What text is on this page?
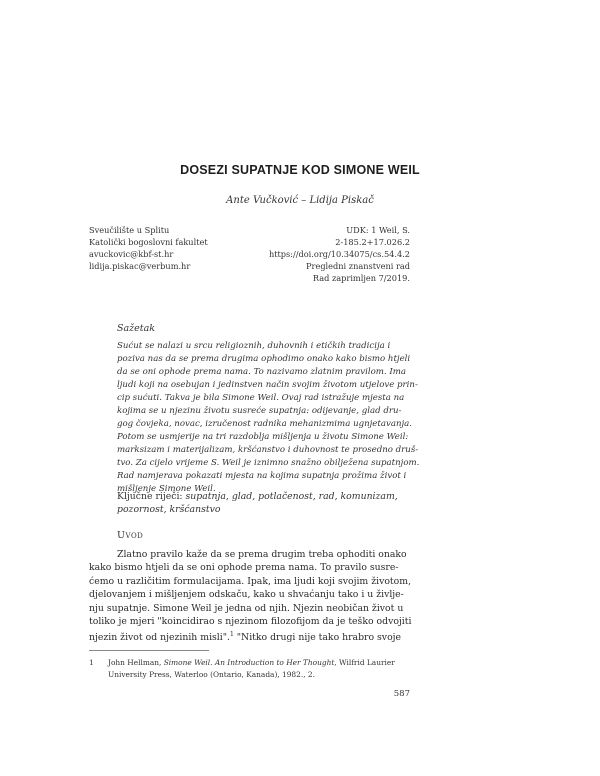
DOSEZI SUPATNJE KOD SIMONE WEIL
Ante Vučković – Lidija Piskač
Sveučilište u Splitu
Katolički bogoslovni fakultet
avuckovic@kbf-st.hr
lidija.piskac@verbum.hr
UDK: 1 Weil, S.
2-185.2+17.026.2
https://doi.org/10.34075/cs.54.4.2
Pregledni znanstveni rad
Rad zaprimljen 7/2019.
Sažetak
Sućut se nalazi u srcu religioznih, duhovnih i etičkih tradicija i
poziva nas da se prema drugima ophodimo onako kako bismo htjeli
da se oni ophode prema nama. To nazivamo zlatnim pravilom. Ima
ljudi koji na osebujan i jedinstven način svojim životom utjelove prin-
cip sućuti. Takva je bila Simone Weil. Ovaj rad istražuje mjesta na
kojima se u njezinu životu susreće supatnja: odijevanje, glad dru-
gog čovjeka, novac, izručenost radnika mehanizmima ugnjetavanja.
Potom se usmjerije na tri razdoblja mišljenja u životu Simone Weil:
marksizam i materijalizam, kršćanstvo i duhovnost te prosedno druš-
tvo. Za cijelo vrijeme S. Weil je iznimno snažno obilježena supatnjom.
Rad namjerava pokazati mjesta na kojima supatnja prožima život i
mišljenje Simone Weil.
Ključne riječi: supatnja, glad, potlačenost, rad, komunizam,
pozornost, kršćanstvo
Uvod
Zlatno pravilo kaže da se prema drugim treba ophoditi onako
kako bismo htjeli da se oni ophode prema nama. To pravilo susre-
ćemo u različitim formulacijama. Ipak, ima ljudi koji svojim životom,
djelovanjem i mišljenjem odskaču, kako u shvaćanju tako i u življe-
nju supatnje. Simone Weil je jedna od njih. Njezin neobičan život u
toliko je mjeri "koincidirao s njezinom filozofijom da je teško odvojiti
njezin život od njezinih misli".$^1$ "Nitko drugi nije tako hrabro svoje
1 John Hellman, Simone Weil. An Introduction to Her Thought, Wilfrid Laurier
University Press, Waterloo (Ontario, Kanada), 1982., 2.
587
